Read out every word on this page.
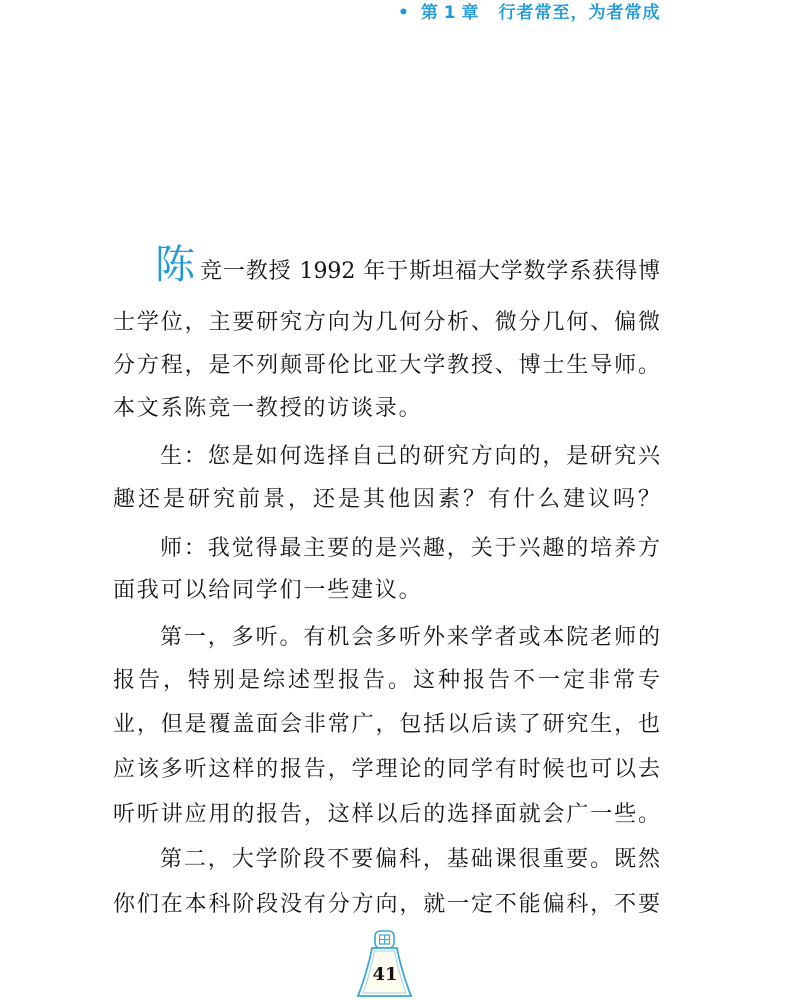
• 第 1 章 行者常至，为者常成
陈 竞一教授 1992 年于斯坦福大学数学系获得博
士学位，主要研究方向为几何分析、微分几何、偏微
分方程，是不列颠哥伦比亚大学教授、博士生导师。
本文系陈竞一教授的访谈录。
生：您是如何选择自己的研究方向的，是研究兴
趣还是研究前景，还是其他因素？有什么建议吗？
师：我觉得最主要的是兴趣，关于兴趣的培养方
面我可以给同学们一些建议。
第一，多听。有机会多听外来学者或本院老师的
报告，特别是综述型报告。这种报告不一定非常专
业，但是覆盖面会非常广，包括以后读了研究生，也
应该多听这样的报告，学理论的同学有时候也可以去
听听讲应用的报告，这样以后的选择面就会广一些。
第二，大学阶段不要偏科，基础课很重要。既然
你们在本科阶段没有分方向，就一定不能偏科，不要
41
